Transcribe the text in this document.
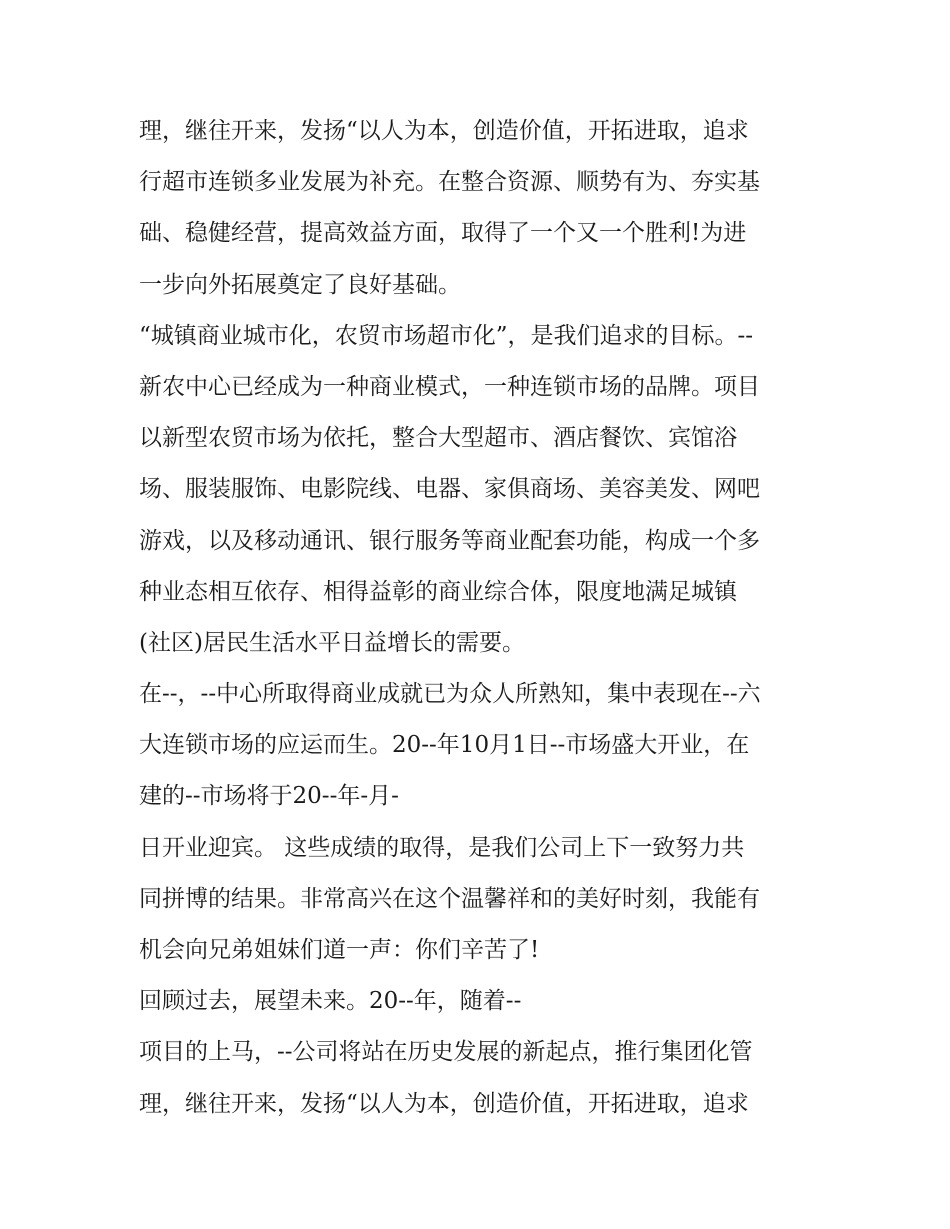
理，继往开来，发扬“以人为本，创造价值，开拓进取，追求
行超市连锁多业发展为补充。在整合资源、顺势有为、夯实基
础、稳健经营，提高效益方面，取得了一个又一个胜利!为进
一步向外拓展奠定了良好基础。
“城镇商业城市化，农贸市场超市化”，是我们追求的目标。--
新农中心已经成为一种商业模式，一种连锁市场的品牌。项目
以新型农贸市场为依托，整合大型超市、酒店餐饮、宾馆浴
场、服装服饰、电影院线、电器、家俱商场、美容美发、网吧
游戏，以及移动通讯、银行服务等商业配套功能，构成一个多
种业态相互依存、相得益彰的商业综合体，限度地满足城镇
(社区)居民生活水平日益增长的需要。
在--，--中心所取得商业成就已为众人所熟知，集中表现在--六
大连锁市场的应运而生。20--年10月1日--市场盛大开业，在
建的--市场将于20--年-月-
日开业迎宾。 这些成绩的取得，是我们公司上下一致努力共
同拼博的结果。非常高兴在这个温馨祥和的美好时刻，我能有
机会向兄弟姐妹们道一声：你们辛苦了!
回顾过去，展望未来。20--年，随着--
项目的上马，--公司将站在历史发展的新起点，推行集团化管
理，继往开来，发扬“以人为本，创造价值，开拓进取，追求
